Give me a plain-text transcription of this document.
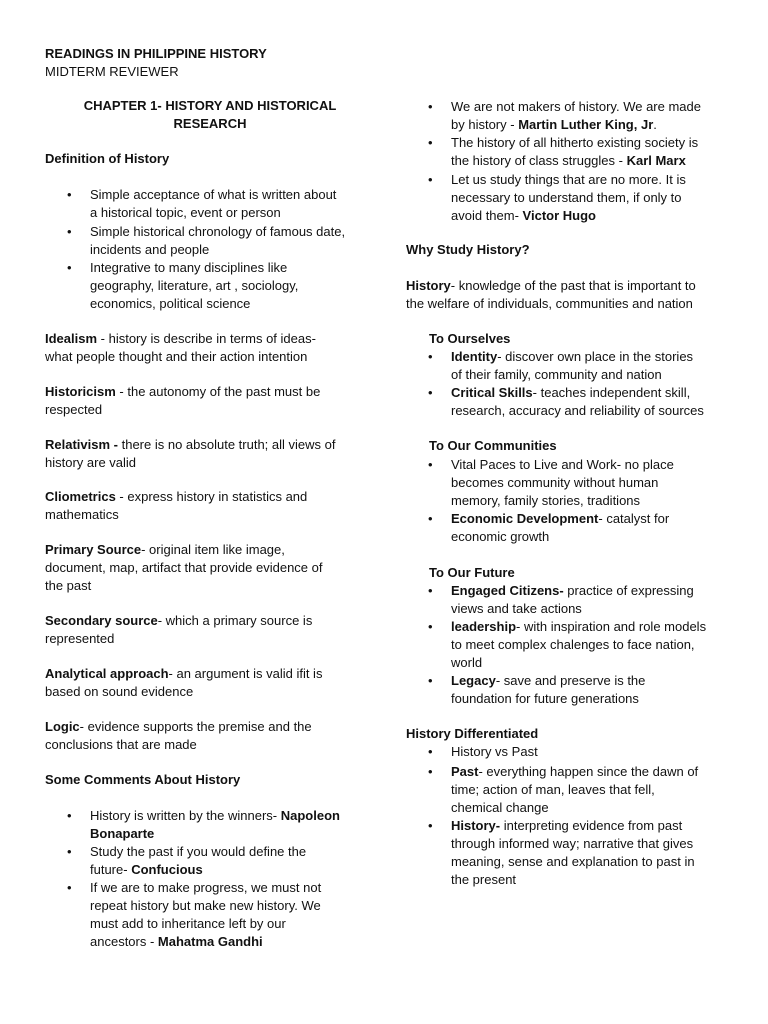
READINGS IN PHILIPPINE HISTORY
MIDTERM REVIEWER
CHAPTER 1- HISTORY AND HISTORICAL
RESEARCH
Definition of History
• Simple acceptance of what is written about
a historical topic, event or person
• Simple historical chronology of famous date,
incidents and people
• Integrative to many disciplines like
geography, literature, art , sociology,
economics, political science
Idealism - history is describe in terms of ideas-
what people thought and their action intention
Historicism - the autonomy of the past must be
respected
Relativism - there is no absolute truth; all views of
history are valid
Cliometrics - express history in statistics and
mathematics
Primary Source- original item like image,
document, map, artifact that provide evidence of
the past
Secondary source- which a primary source is
represented
Analytical approach- an argument is valid ifit is
based on sound evidence
Logic- evidence supports the premise and the
conclusions that are made
Some Comments About History
• History is written by the winners- Napoleon
Bonaparte
• Study the past if you would define the
future- Confucious
• If we are to make progress, we must not
repeat history but make new history. We
must add to inheritance left by our
ancestors - Mahatma Gandhi
• We are not makers of history. We are made
by history - Martin Luther King, Jr.
• The history of all hitherto existing society is
the history of class struggles - Karl Marx
• Let us study things that are no more. It is
necessary to understand them, if only to
avoid them- Victor Hugo
Why Study History?
History- knowledge of the past that is important to
the welfare of individuals, communities and nation
To Ourselves
• Identity- discover own place in the stories
of their family, community and nation
• Critical Skills- teaches independent skill,
research, accuracy and reliability of sources
To Our Communities
• Vital Paces to Live and Work- no place
becomes community without human
memory, family stories, traditions
• Economic Development- catalyst for
economic growth
To Our Future
• Engaged Citizens- practice of expressing
views and take actions
• leadership- with inspiration and role models
to meet complex chalenges to face nation,
world
• Legacy- save and preserve is the
foundation for future generations
History Differentiated
• History vs Past
• Past- everything happen since the dawn of
time; action of man, leaves that fell,
chemical change
• History- interpreting evidence from past
through informed way; narrative that gives
meaning, sense and explanation to past in
the present
